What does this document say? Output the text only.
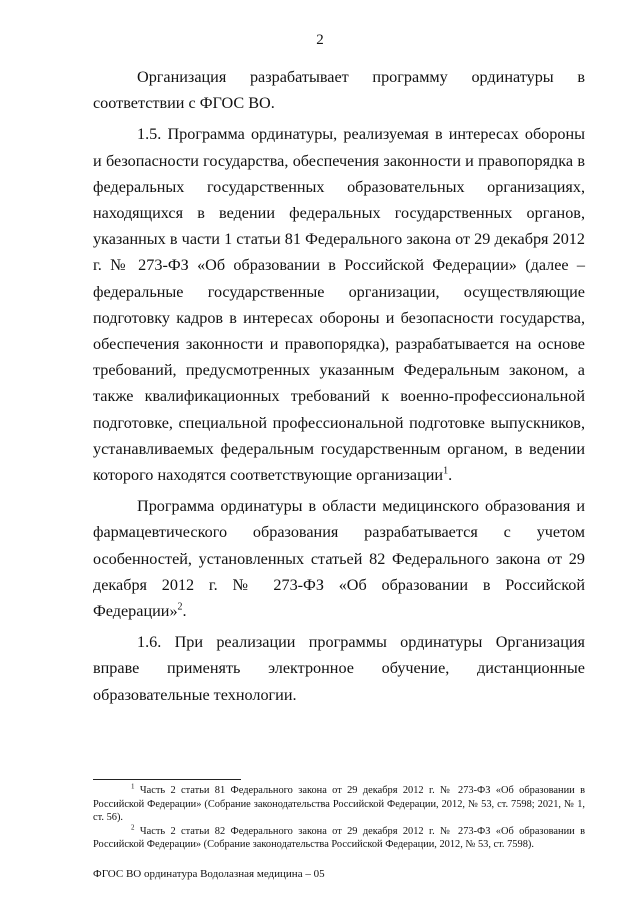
2

Организация разрабатывает программу ординатуры в соответствии с ФГОС ВО.

1.5. Программа ординатуры, реализуемая в интересах обороны и безопасности государства, обеспечения законности и правопорядка в федеральных государственных образовательных организациях, находящихся в ведении федеральных государственных органов, указанных в части 1 статьи 81 Федерального закона от 29 декабря 2012 г. № 273-ФЗ «Об образовании в Российской Федерации» (далее – федеральные государственные организации, осуществляющие подготовку кадров в интересах обороны и безопасности государства, обеспечения законности и правопорядка), разрабатывается на основе требований, предусмотренных указанным Федеральным законом, а также квалификационных требований к военно-профессиональной подготовке, специальной профессиональной подготовке выпускников, устанавливаемых федеральным государственным органом, в ведении которого находятся соответствующие организации$^1$.

Программа ординатуры в области медицинского образования и фармацевтического образования разрабатывается с учетом особенностей, установленных статьей 82 Федерального закона от 29 декабря 2012 г. № 273-ФЗ «Об образовании в Российской Федерации»$^2$.

1.6. При реализации программы ординатуры Организация вправе применять электронное обучение, дистанционные образовательные технологии.

$^1$ Часть 2 статьи 81 Федерального закона от 29 декабря 2012 г. № 273-ФЗ «Об образовании в Российской Федерации» (Собрание законодательства Российской Федерации, 2012, № 53, ст. 7598; 2021, № 1, ст. 56).

$^2$ Часть 2 статьи 82 Федерального закона от 29 декабря 2012 г. № 273-ФЗ «Об образовании в Российской Федерации» (Собрание законодательства Российской Федерации, 2012, № 53, ст. 7598).

ФГОС ВО ординатура Водолазная медицина – 05
